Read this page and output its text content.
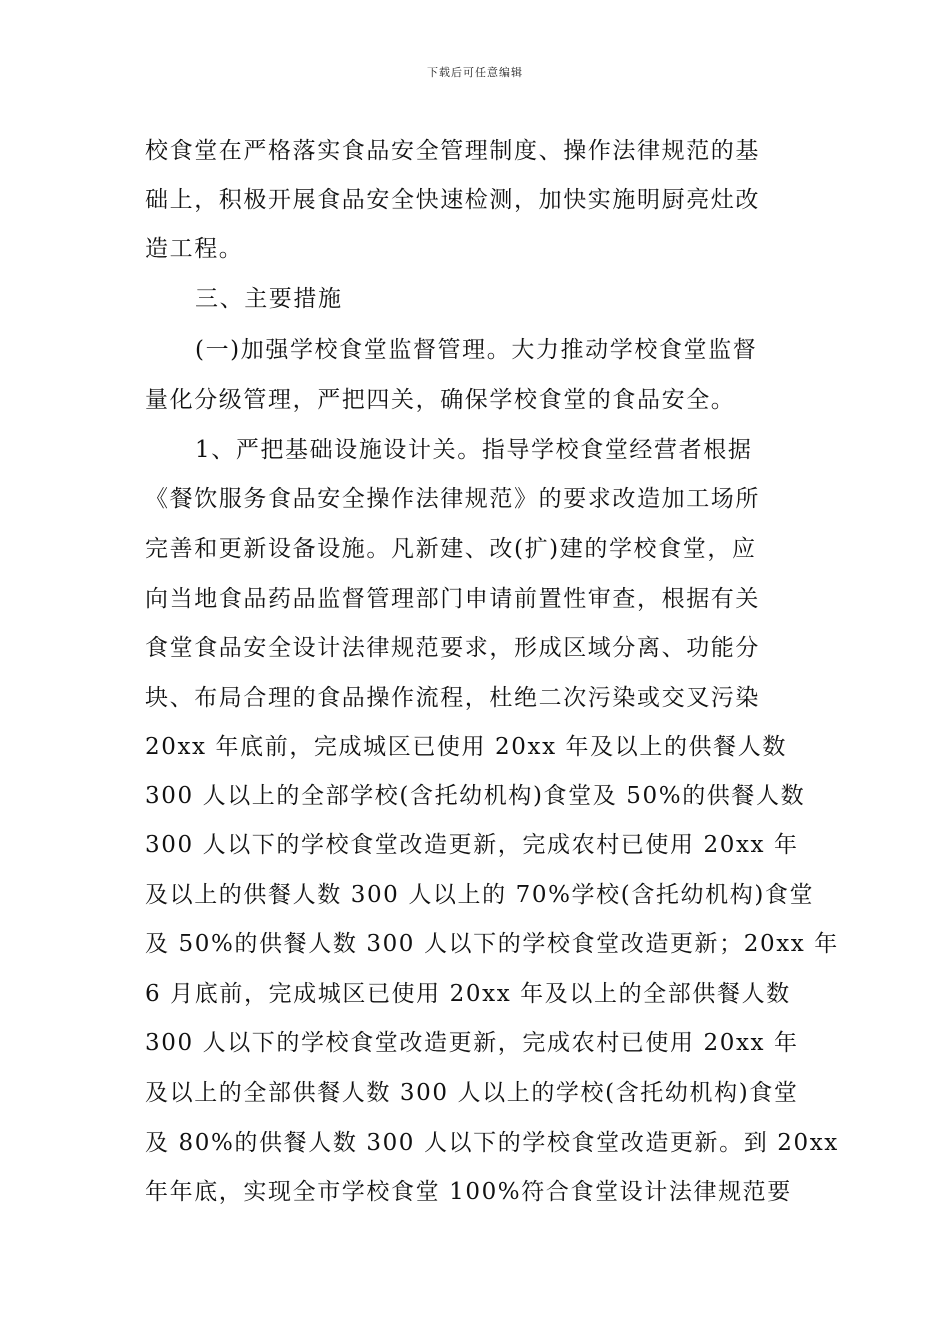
下载后可任意编辑
校食堂在严格落实食品安全管理制度、操作法律规范的基
础上，积极开展食品安全快速检测，加快实施明厨亮灶改
造工程。
三、主要措施
(一)加强学校食堂监督管理。大力推动学校食堂监督
量化分级管理，严把四关，确保学校食堂的食品安全。
1、严把基础设施设计关。指导学校食堂经营者根据
《餐饮服务食品安全操作法律规范》的要求改造加工场所
完善和更新设备设施。凡新建、改(扩)建的学校食堂，应
向当地食品药品监督管理部门申请前置性审查，根据有关
食堂食品安全设计法律规范要求，形成区域分离、功能分
块、布局合理的食品操作流程，杜绝二次污染或交叉污染
20xx 年底前，完成城区已使用 20xx 年及以上的供餐人数
300 人以上的全部学校(含托幼机构)食堂及 50%的供餐人数
300 人以下的学校食堂改造更新，完成农村已使用 20xx 年
及以上的供餐人数 300 人以上的 70%学校(含托幼机构)食堂
及 50%的供餐人数 300 人以下的学校食堂改造更新；20xx 年
6 月底前，完成城区已使用 20xx 年及以上的全部供餐人数
300 人以下的学校食堂改造更新，完成农村已使用 20xx 年
及以上的全部供餐人数 300 人以上的学校(含托幼机构)食堂
及 80%的供餐人数 300 人以下的学校食堂改造更新。到 20xx
年年底，实现全市学校食堂 100%符合食堂设计法律规范要
